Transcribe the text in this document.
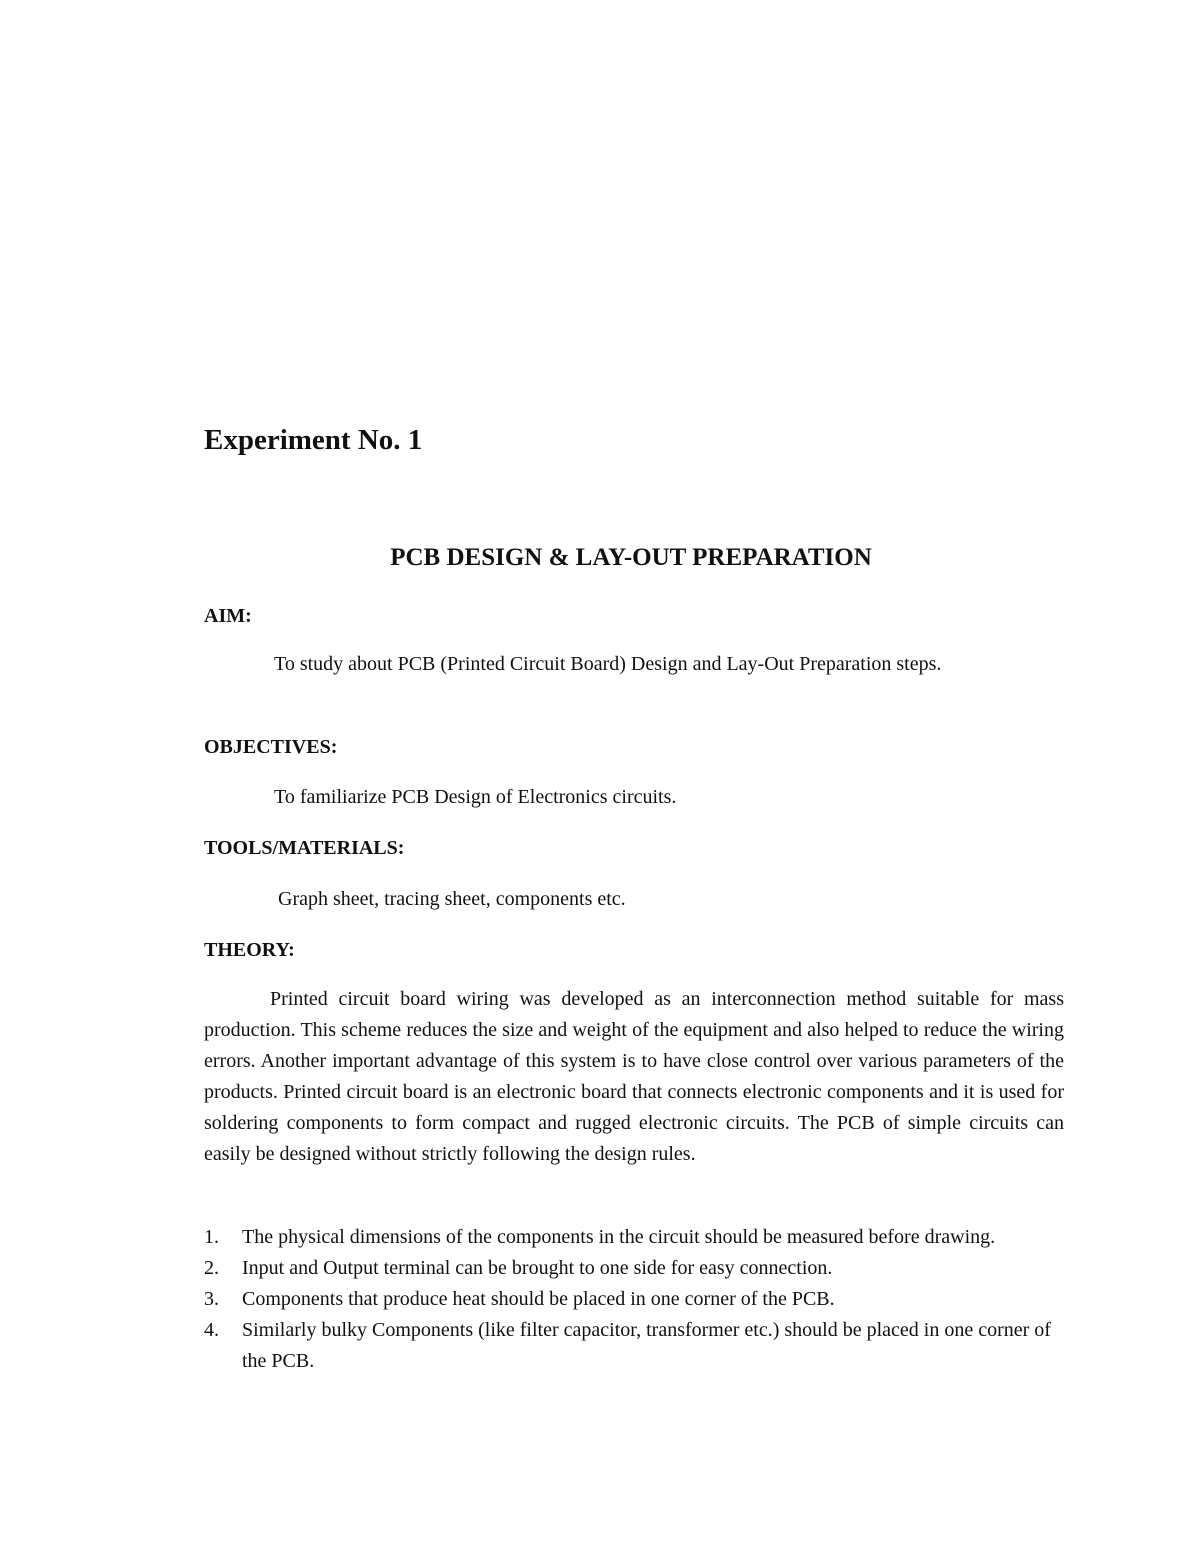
Experiment No. 1
PCB DESIGN & LAY-OUT PREPARATION
AIM:

To study about PCB (Printed Circuit Board) Design and Lay-Out Preparation steps.

OBJECTIVES:

To familiarize PCB Design of Electronics circuits.

TOOLS/MATERIALS:

Graph sheet, tracing sheet, components etc.

THEORY:

Printed circuit board wiring was developed as an interconnection method suitable for mass production. This scheme reduces the size and weight of the equipment and also helped to reduce the wiring errors. Another important advantage of this system is to have close control over various parameters of the products. Printed circuit board is an electronic board that connects electronic components and it is used for soldering components to form compact and rugged electronic circuits. The PCB of simple circuits can easily be designed without strictly following the design rules.

1. The physical dimensions of the components in the circuit should be measured before drawing.
2. Input and Output terminal can be brought to one side for easy connection.
3. Components that produce heat should be placed in one corner of the PCB.
4. Similarly bulky Components (like filter capacitor, transformer etc.) should be placed in one corner of the PCB.
